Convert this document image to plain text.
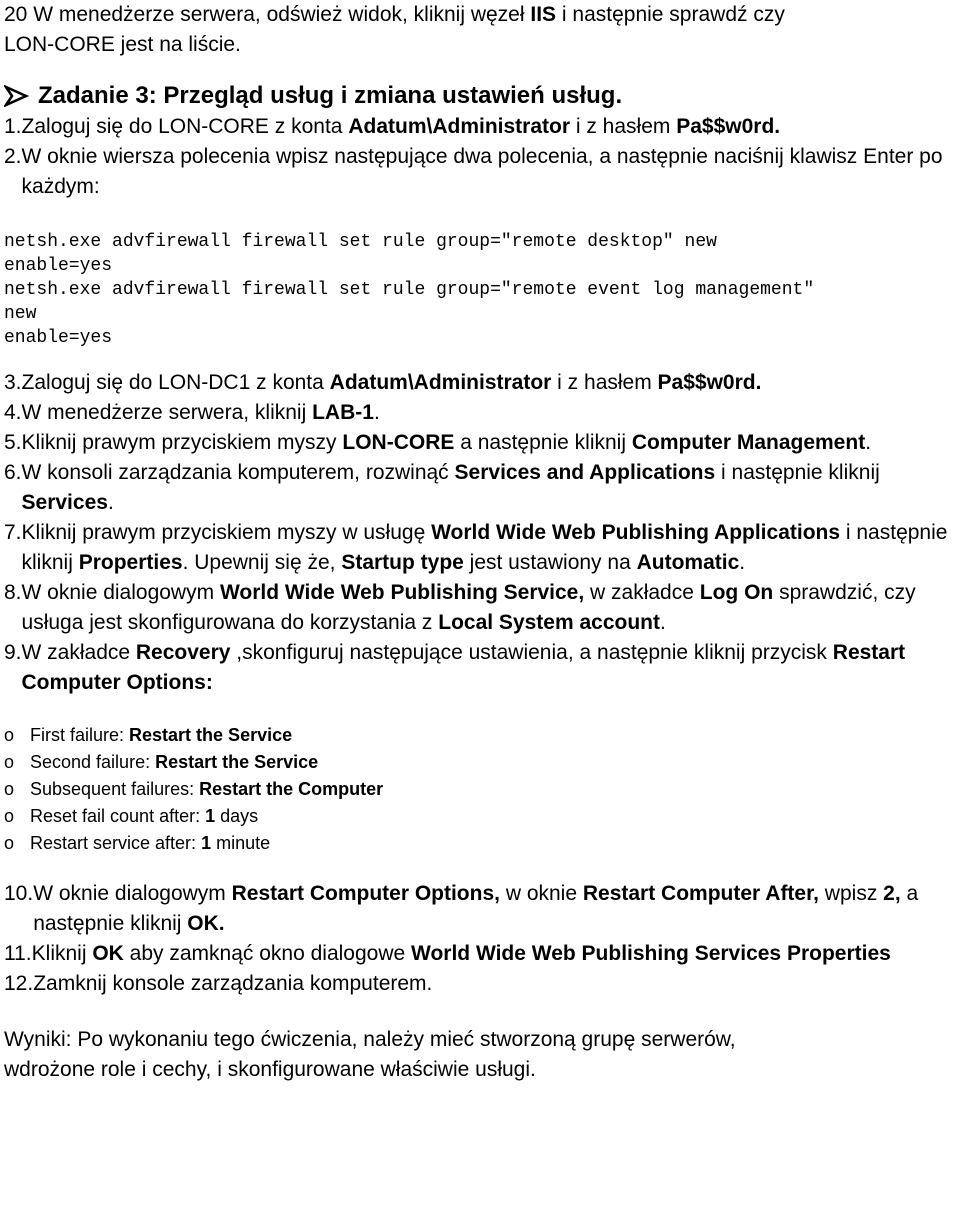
20 W menedżerze serwera, odśwież widok, kliknij węzeł IIS i następnie sprawdź czy
LON-CORE jest na liście.

Zadanie 3: Przegląd usług i zmiana ustawień usług.
1. Zaloguj się do LON-CORE z konta Adatum\Administrator i z hasłem Pa$$w0rd.
2. W oknie wiersza polecenia wpisz następujące dwa polecenia, a następnie naciśnij klawisz Enter po każdym:
netsh.exe advfirewall firewall set rule group="remote desktop" new
enable=yes
netsh.exe advfirewall firewall set rule group="remote event log management"
new
enable=yes
3. Zaloguj się do LON-DC1 z konta Adatum\Administrator i z hasłem Pa$$w0rd.
4. W menedżerze serwera, kliknij LAB-1.
5. Kliknij prawym przyciskiem myszy LON-CORE a następnie kliknij Computer Management.
6. W konsoli zarządzania komputerem, rozwinąć Services and Applications i następnie kliknij Services.
7. Kliknij prawym przyciskiem myszy w usługę World Wide Web Publishing Applications i następnie kliknij Properties. Upewnij się że, Startup type jest ustawiony na Automatic.
8. W oknie dialogowym World Wide Web Publishing Service, w zakładce Log On sprawdzić, czy usługa jest skonfigurowana do korzystania z Local System account.
9. W zakładce Recovery ,skonfiguruj następujące ustawienia, a następnie kliknij przycisk Restart Computer Options:
o First failure: Restart the Service
o Second failure: Restart the Service
o Subsequent failures: Restart the Computer
o Reset fail count after: 1 days
o Restart service after: 1 minute
10. W oknie dialogowym Restart Computer Options, w oknie Restart Computer After, wpisz 2, a następnie kliknij OK.
11. Kliknij OK aby zamknąć okno dialogowe World Wide Web Publishing Services Properties
12. Zamknij konsole zarządzania komputerem.

Wyniki: Po wykonaniu tego ćwiczenia, należy mieć stworzoną grupę serwerów,
wdrożone role i cechy, i skonfigurowane właściwie usługi.
